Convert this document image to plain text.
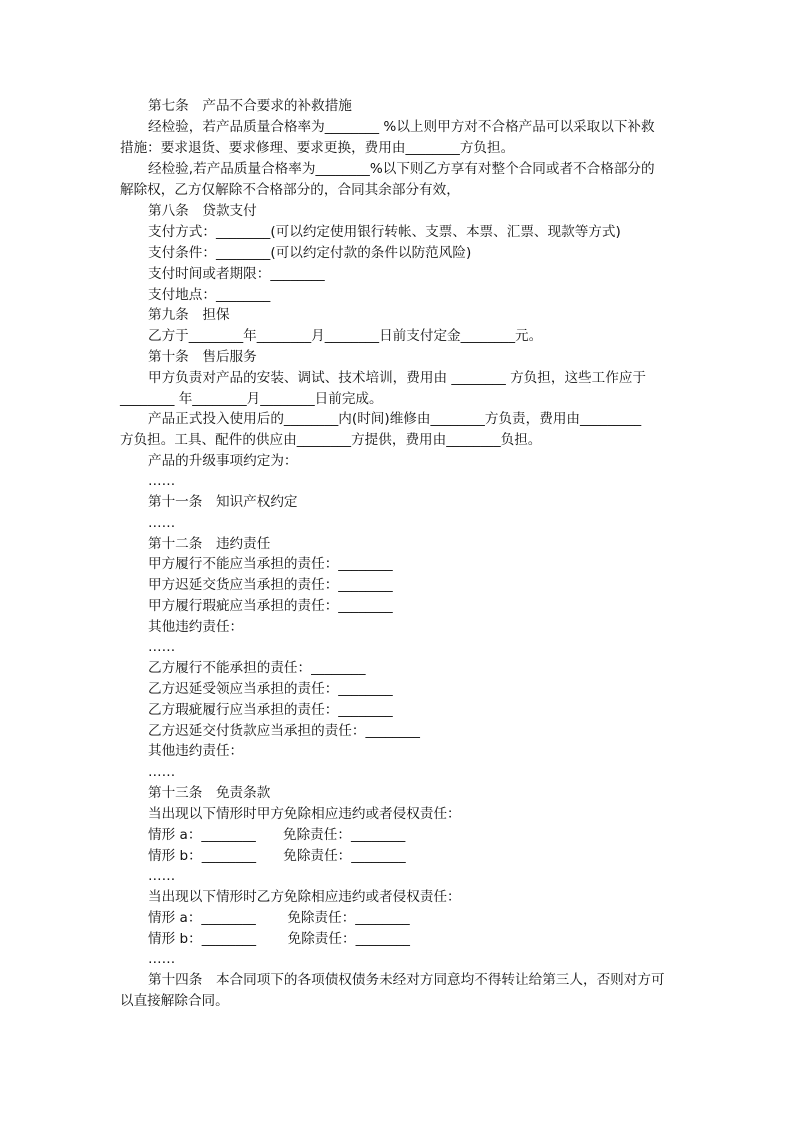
第七条　产品不合要求的补救措施
经检验，若产品质量合格率为________ %以上则甲方对不合格产品可以采取以下补救
措施：要求退货、要求修理、要求更换，费用由________方负担。
经检验,若产品质量合格率为________%以下则乙方享有对整个合同或者不合格部分的
解除权，乙方仅解除不合格部分的，合同其余部分有效，
第八条　贷款支付
支付方式：________(可以约定使用银行转帐、支票、本票、汇票、现款等方式)
支付条件：________(可以约定付款的条件以防范风险)
支付时间或者期限：________
支付地点：________
第九条　担保
乙方于________年________月________日前支付定金________元。
第十条　售后服务
甲方负责对产品的安装、调试、技术培训，费用由 ________ 方负担，这些工作应于
________ 年________月________日前完成。
产品正式投入使用后的________内(时间)维修由________方负责，费用由_________
方负担。工具、配件的供应由________方提供，费用由________负担。
产品的升级事项约定为：
……
第十一条　知识产权约定
……
第十二条　违约责任
甲方履行不能应当承担的责任：________
甲方迟延交货应当承担的责任：________
甲方履行瑕疵应当承担的责任：________
其他违约责任：
……
乙方履行不能承担的责任：________
乙方迟延受领应当承担的责任：________
乙方瑕疵履行应当承担的责任：________
乙方迟延交付货款应当承担的责任：________
其他违约责任：
……
第十三条　免责条款
当出现以下情形时甲方免除相应违约或者侵权责任：
情形 a：________　　免除责任：________
情形 b：________　　免除责任：________
……
当出现以下情形时乙方免除相应违约或者侵权责任：
情形 a：________　　 免除责任：________
情形 b：________　　 免除责任：________
……
第十四条　本合同项下的各项债权债务未经对方同意均不得转让给第三人，否则对方可
以直接解除合同。
